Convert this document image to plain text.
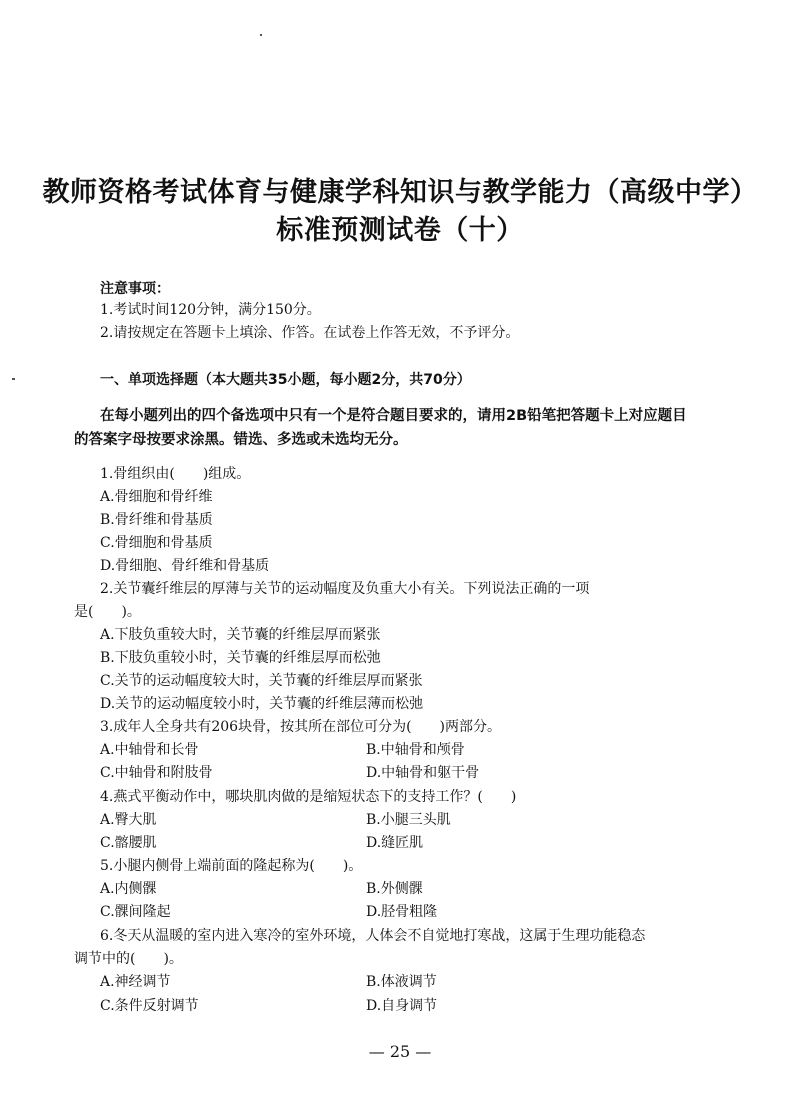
教师资格考试体育与健康学科知识与教学能力（高级中学）
标准预测试卷（十）
注意事项：
1.考试时间120分钟，满分150分。
2.请按规定在答题卡上填涂、作答。在试卷上作答无效，不予评分。
一、单项选择题（本大题共35小题，每小题2分，共70分）
在每小题列出的四个备选项中只有一个是符合题目要求的，请用2B铅笔把答题卡上对应题目的答案字母按要求涂黑。错选、多选或未选均无分。
1.骨组织由(　　)组成。
A.骨细胞和骨纤维
B.骨纤维和骨基质
C.骨细胞和骨基质
D.骨细胞、骨纤维和骨基质
2.关节囊纤维层的厚薄与关节的运动幅度及负重大小有关。下列说法正确的一项
是(　　)。
A.下肢负重较大时，关节囊的纤维层厚而紧张
B.下肢负重较小时，关节囊的纤维层厚而松弛
C.关节的运动幅度较大时，关节囊的纤维层厚而紧张
D.关节的运动幅度较小时，关节囊的纤维层薄而松弛
3.成年人全身共有206块骨，按其所在部位可分为(　　)两部分。
A.中轴骨和长骨	B.中轴骨和颅骨
C.中轴骨和附肢骨	D.中轴骨和躯干骨
4.燕式平衡动作中，哪块肌肉做的是缩短状态下的支持工作？(　　)
A.臀大肌	B.小腿三头肌
C.髂腰肌	D.缝匠肌
5.小腿内侧骨上端前面的隆起称为(　　)。
A.内侧髁	B.外侧髁
C.髁间隆起	D.胫骨粗隆
6.冬天从温暖的室内进入寒冷的室外环境，人体会不自觉地打寒战，这属于生理功能稳态
调节中的(　　)。
A.神经调节	B.体液调节
C.条件反射调节	D.自身调节
— 25 —
